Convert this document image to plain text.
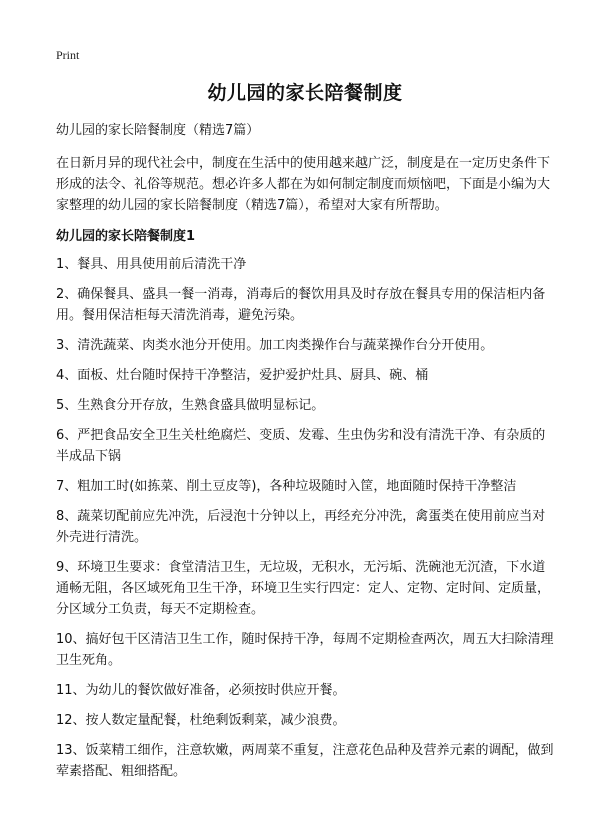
Print
幼儿园的家长陪餐制度

幼儿园的家长陪餐制度（精选7篇）

在日新月异的现代社会中，制度在生活中的使用越来越广泛，制度是在一定历史条件下形成的法令、礼俗等规范。想必许多人都在为如何制定制度而烦恼吧，下面是小编为大家整理的幼儿园的家长陪餐制度（精选7篇），希望对大家有所帮助。

幼儿园的家长陪餐制度1
1、餐具、用具使用前后清洗干净
2、确保餐具、盛具一餐一消毒，消毒后的餐饮用具及时存放在餐具专用的保洁柜内备用。餐用保洁柜每天清洗消毒，避免污染。
3、清洗蔬菜、肉类水池分开使用。加工肉类操作台与蔬菜操作台分开使用。
4、面板、灶台随时保持干净整洁，爱护爱护灶具、厨具、碗、桶
5、生熟食分开存放，生熟食盛具做明显标记。
6、严把食品安全卫生关杜绝腐烂、变质、发霉、生虫伪劣和没有清洗干净、有杂质的半成品下锅
7、粗加工时(如拣菜、削土豆皮等)，各种垃圾随时入筐，地面随时保持干净整洁
8、蔬菜切配前应先冲洗，后浸泡十分钟以上，再经充分冲洗，禽蛋类在使用前应当对外壳进行清洗。
9、环境卫生要求：食堂清洁卫生，无垃圾，无积水，无污垢、洗碗池无沉渣，下水道通畅无阻，各区域死角卫生干净，环境卫生实行四定：定人、定物、定时间、定质量，分区域分工负责，每天不定期检查。
10、搞好包干区清洁卫生工作，随时保持干净，每周不定期检查两次，周五大扫除清理卫生死角。
11、为幼儿的餐饮做好准备，必须按时供应开餐。
12、按人数定量配餐，杜绝剩饭剩菜，减少浪费。
13、饭菜精工细作，注意软嫩，两周菜不重复，注意花色品种及营养元素的调配，做到荤素搭配、粗细搭配。
